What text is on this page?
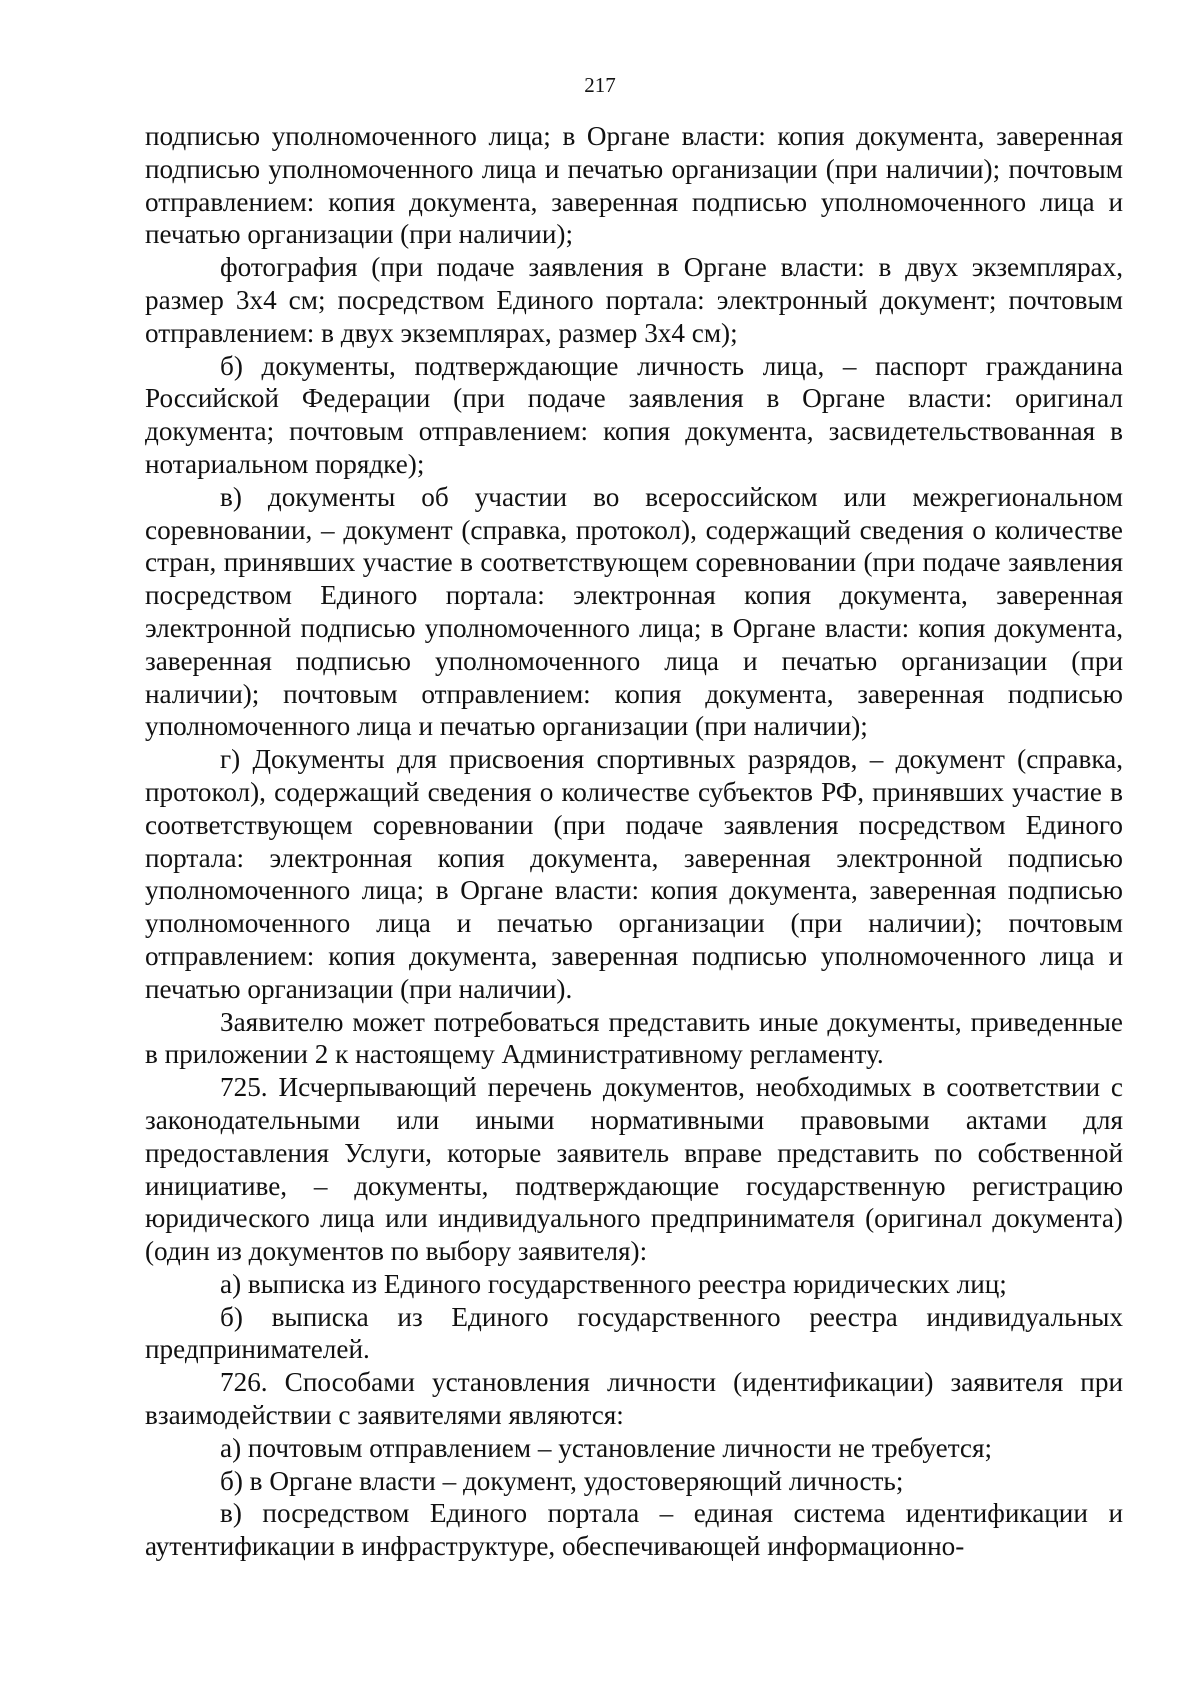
217

подписью уполномоченного лица; в Органе власти: копия документа, заверенная подписью уполномоченного лица и печатью организации (при наличии); почтовым отправлением: копия документа, заверенная подписью уполномоченного лица и печатью организации (при наличии);

фотография (при подаче заявления в Органе власти: в двух экземплярах, размер 3х4 см; посредством Единого портала: электронный документ; почтовым отправлением: в двух экземплярах, размер 3х4 см);

б) документы, подтверждающие личность лица, – паспорт гражданина Российской Федерации (при подаче заявления в Органе власти: оригинал документа; почтовым отправлением: копия документа, засвидетельствованная в нотариальном порядке);

в) документы об участии во всероссийском или межрегиональном соревновании, – документ (справка, протокол), содержащий сведения о количестве стран, принявших участие в соответствующем соревновании (при подаче заявления посредством Единого портала: электронная копия документа, заверенная электронной подписью уполномоченного лица; в Органе власти: копия документа, заверенная подписью уполномоченного лица и печатью организации (при наличии); почтовым отправлением: копия документа, заверенная подписью уполномоченного лица и печатью организации (при наличии);

г) Документы для присвоения спортивных разрядов, – документ (справка, протокол), содержащий сведения о количестве субъектов РФ, принявших участие в соответствующем соревновании (при подаче заявления посредством Единого портала: электронная копия документа, заверенная электронной подписью уполномоченного лица; в Органе власти: копия документа, заверенная подписью уполномоченного лица и печатью организации (при наличии); почтовым отправлением: копия документа, заверенная подписью уполномоченного лица и печатью организации (при наличии).

Заявителю может потребоваться представить иные документы, приведенные в приложении 2 к настоящему Административному регламенту.

725. Исчерпывающий перечень документов, необходимых в соответствии с законодательными или иными нормативными правовыми актами для предоставления Услуги, которые заявитель вправе представить по собственной инициативе, – документы, подтверждающие государственную регистрацию юридического лица или индивидуального предпринимателя (оригинал документа) (один из документов по выбору заявителя):

а) выписка из Единого государственного реестра юридических лиц;

б) выписка из Единого государственного реестра индивидуальных предпринимателей.

726. Способами установления личности (идентификации) заявителя при взаимодействии с заявителями являются:

а) почтовым отправлением – установление личности не требуется;

б) в Органе власти – документ, удостоверяющий личность;

в) посредством Единого портала – единая система идентификации и аутентификации в инфраструктуре, обеспечивающей информационно-
